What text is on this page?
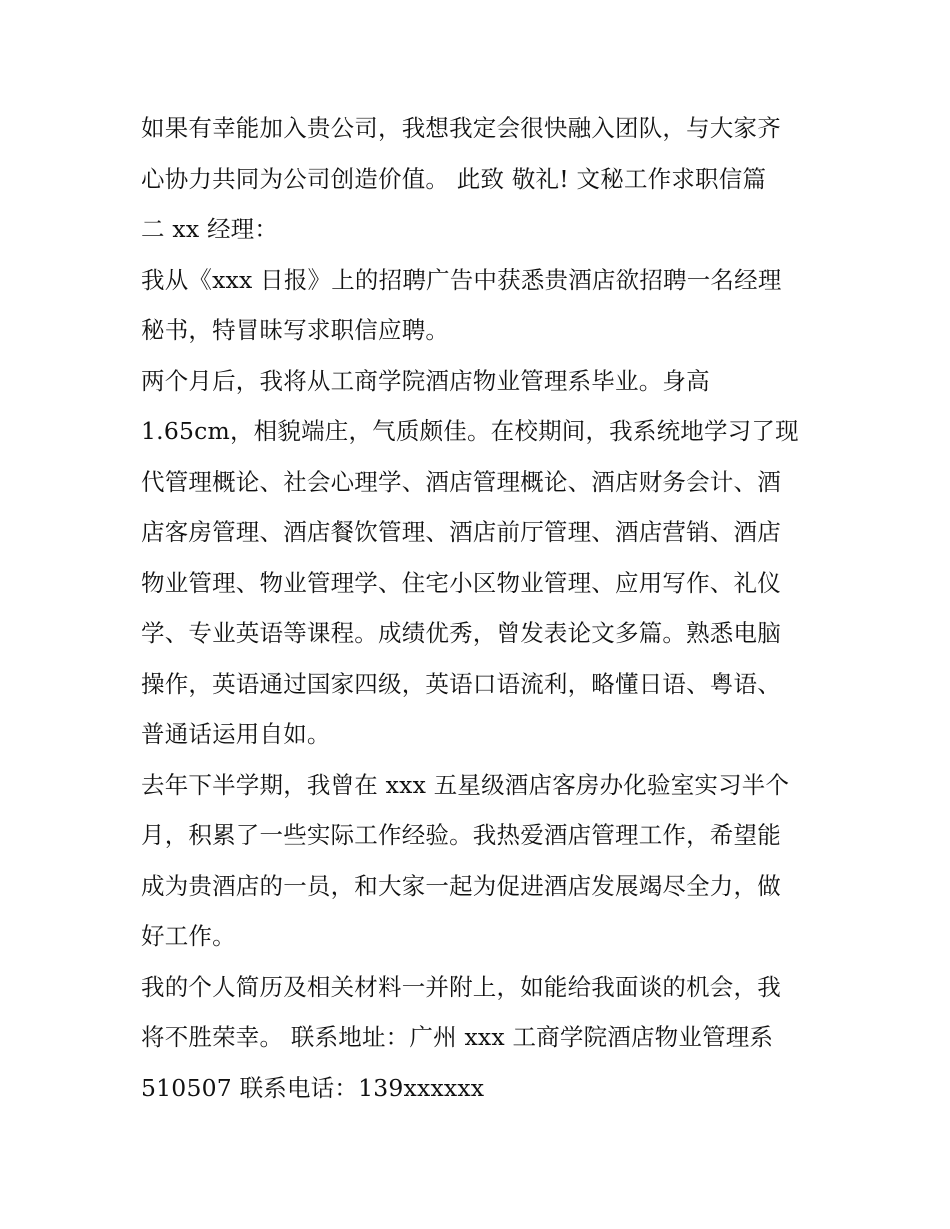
如果有幸能加入贵公司，我想我定会很快融入团队，与大家齐
心协力共同为公司创造价值。 此致 敬礼! 文秘工作求职信篇
二 xx 经理：
我从《xxx 日报》上的招聘广告中获悉贵酒店欲招聘一名经理
秘书，特冒昧写求职信应聘。
两个月后，我将从工商学院酒店物业管理系毕业。身高
1.65cm，相貌端庄，气质颇佳。在校期间，我系统地学习了现
代管理概论、社会心理学、酒店管理概论、酒店财务会计、酒
店客房管理、酒店餐饮管理、酒店前厅管理、酒店营销、酒店
物业管理、物业管理学、住宅小区物业管理、应用写作、礼仪
学、专业英语等课程。成绩优秀，曾发表论文多篇。熟悉电脑
操作，英语通过国家四级，英语口语流利，略懂日语、粤语、
普通话运用自如。
去年下半学期，我曾在 xxx 五星级酒店客房办化验室实习半个
月，积累了一些实际工作经验。我热爱酒店管理工作，希望能
成为贵酒店的一员，和大家一起为促进酒店发展竭尽全力，做
好工作。
我的个人简历及相关材料一并附上，如能给我面谈的机会，我
将不胜荣幸。 联系地址：广州 xxx 工商学院酒店物业管理系
510507 联系电话：139xxxxxx
